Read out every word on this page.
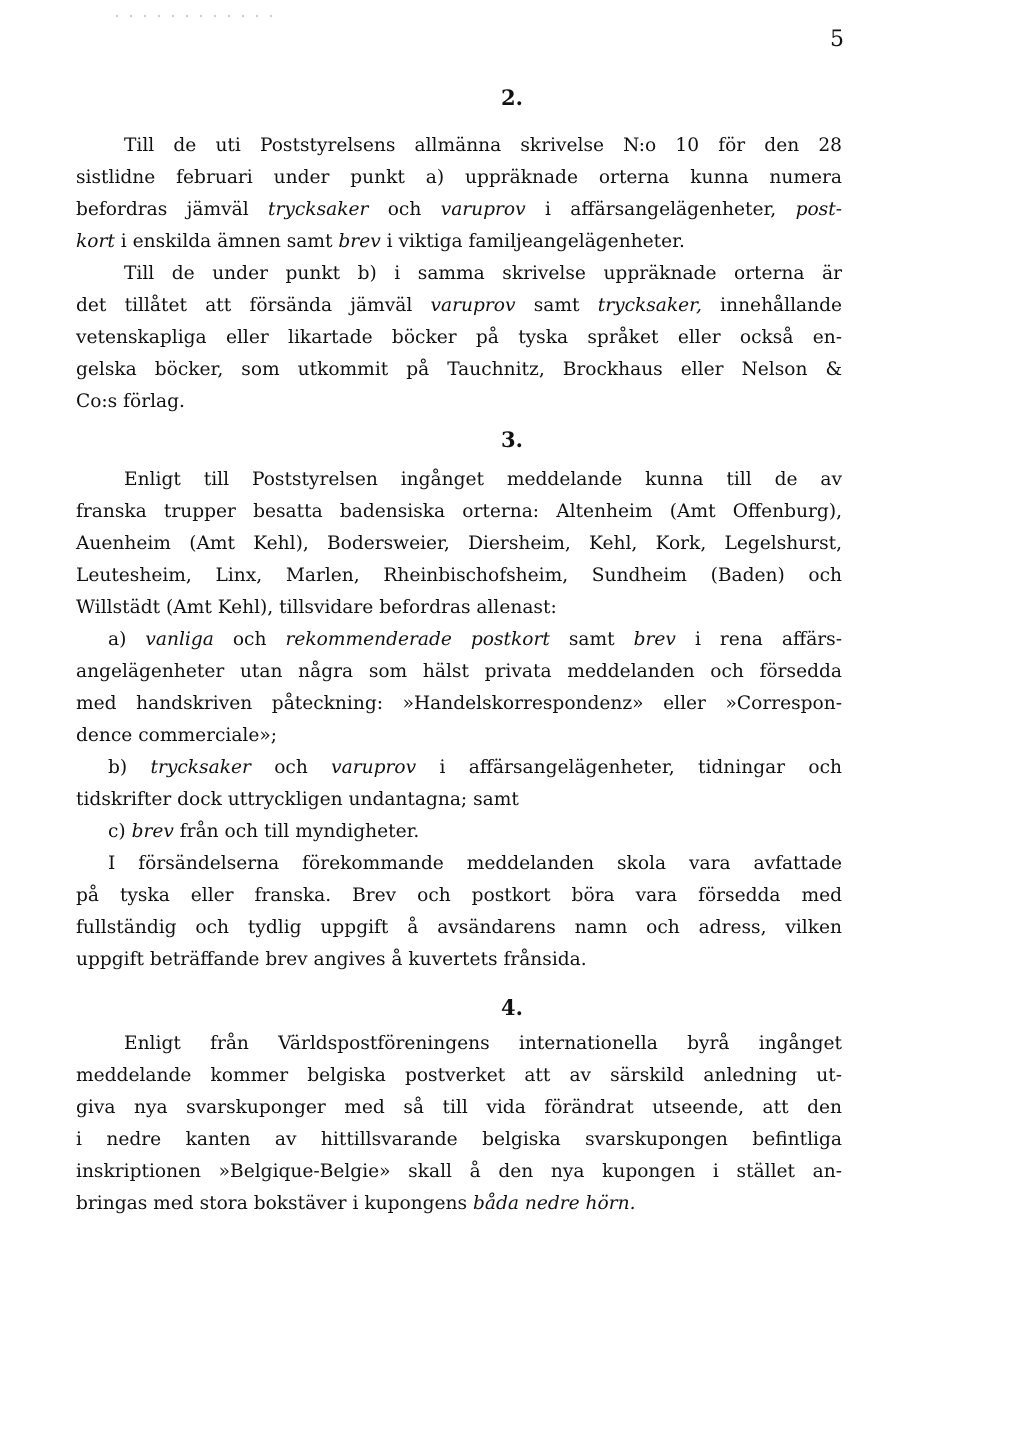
5
2.
Till de uti Poststyrelsens allmänna skrivelse N:o 10 för den 28
sistlidne februari under punkt a) uppräknade orterna kunna numera
befordras jämväl trycksaker och varuprov i affärsangelägenheter, post-
kort i enskilda ämnen samt brev i viktiga familjeangelägenheter.
Till de under punkt b) i samma skrivelse uppräknade orterna är
det tillåtet att försända jämväl varuprov samt trycksaker, innehållande
vetenskapliga eller likartade böcker på tyska språket eller också en-
gelska böcker, som utkommit på Tauchnitz, Brockhaus eller Nelson &
Co:s förlag.
3.
Enligt till Poststyrelsen ingånget meddelande kunna till de av
franska trupper besatta badensiska orterna: Altenheim (Amt Offenburg),
Auenheim (Amt Kehl), Bodersweier, Diersheim, Kehl, Kork, Legelshurst,
Leutesheim, Linx, Marlen, Rheinbischofsheim, Sundheim (Baden) och
Willstädt (Amt Kehl), tillsvidare befordras allenast:
a) vanliga och rekommenderade postkort samt brev i rena affärs-
angelägenheter utan några som hälst privata meddelanden och försedda
med handskriven påteckning: »Handelskorrespondenz» eller »Correspon-
dence commerciale»;
b) trycksaker och varuprov i affärsangelägenheter, tidningar och
tidskrifter dock uttryckligen undantagna; samt
c) brev från och till myndigheter.
I försändelserna förekommande meddelanden skola vara avfattade
på tyska eller franska. Brev och postkort böra vara försedda med
fullständig och tydlig uppgift å avsändarens namn och adress, vilken
uppgift beträffande brev angives å kuvertets frånsida.
4.
Enligt från Världspostföreningens internationella byrå ingånget
meddelande kommer belgiska postverket att av särskild anledning ut-
giva nya svarskuponger med så till vida förändrat utseende, att den
i nedre kanten av hittillsvarande belgiska svarskupongen befintliga
inskriptionen »Belgique-Belgie» skall å den nya kupongen i stället an-
bringas med stora bokstäver i kupongens båda nedre hörn.
